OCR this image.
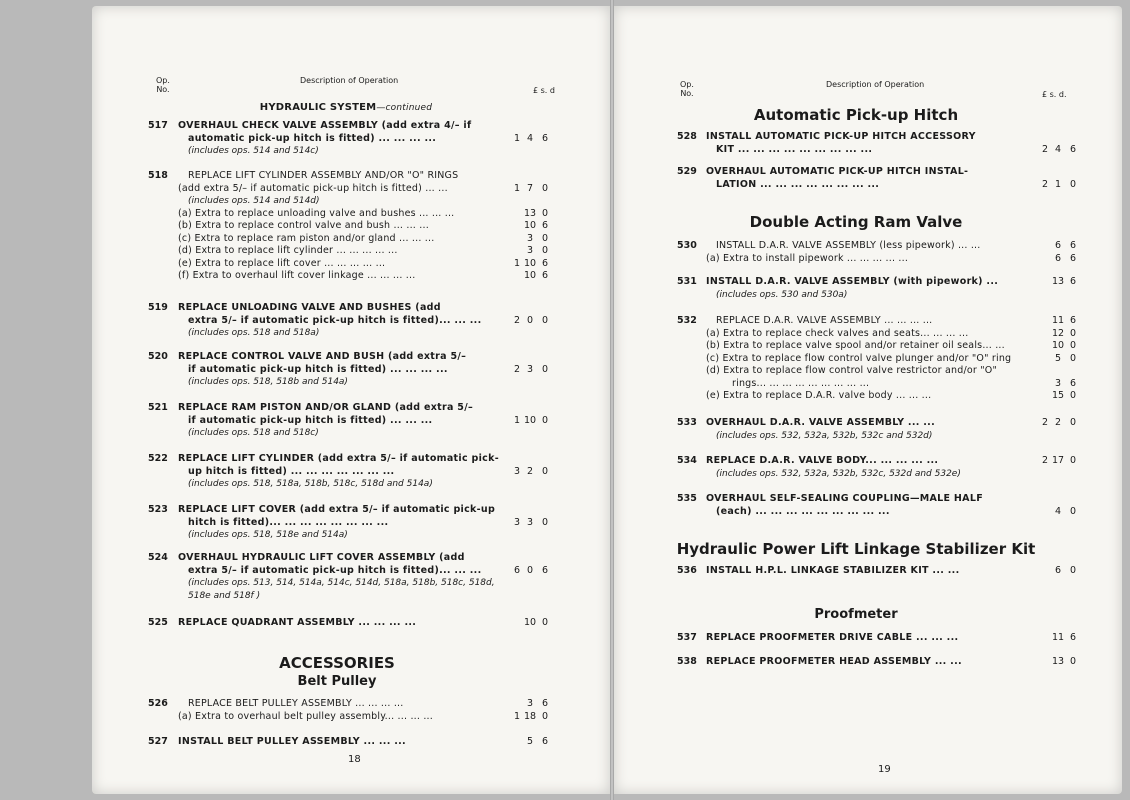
Op.
No.
Description of Operation
£ s. d
HYDRAULIC SYSTEM—continued
517 OVERHAUL CHECK VALVE ASSEMBLY (add extra 4/– if
automatic pick-up hitch is fitted) ... ... ... ...	1 4 6
(includes ops. 514 and 514c)
518 REPLACE LIFT CYLINDER ASSEMBLY AND/OR "O" RINGS
(add extra 5/– if automatic pick-up hitch is fitted) ... ...	1 7 0
(includes ops. 514 and 514d)
(a) Extra to replace unloading valve and bushes ... ... ...	13 0
(b) Extra to replace control valve and bush ... ... ...	10 6
(c) Extra to replace ram piston and/or gland ... ... ...	3 0
(d) Extra to replace lift cylinder ... ... ... ... ...	3 0
(e) Extra to replace lift cover ... ... ... ... ...	1 10 6
(f) Extra to overhaul lift cover linkage ... ... ... ...	10 6
519 REPLACE UNLOADING VALVE AND BUSHES (add
extra 5/– if automatic pick-up hitch is fitted)... ... ...	2 0 0
(includes ops. 518 and 518a)
520 REPLACE CONTROL VALVE AND BUSH (add extra 5/–
if automatic pick-up hitch is fitted) ... ... ... ...	2 3 0
(includes ops. 518, 518b and 514a)
521 REPLACE RAM PISTON AND/OR GLAND (add extra 5/–
if automatic pick-up hitch is fitted) ... ... ...	1 10 0
(includes ops. 518 and 518c)
522 REPLACE LIFT CYLINDER (add extra 5/– if automatic pick-
up hitch is fitted) ... ... ... ... ... ... ...	3 2 0
(includes ops. 518, 518a, 518b, 518c, 518d and 514a)
523 REPLACE LIFT COVER (add extra 5/– if automatic pick-up
hitch is fitted)... ... ... ... ... ... ... ...	3 3 0
(includes ops. 518, 518e and 514a)
524 OVERHAUL HYDRAULIC LIFT COVER ASSEMBLY (add
extra 5/– if automatic pick-up hitch is fitted)... ... ...	6 0 6
(includes ops. 513, 514, 514a, 514c, 514d, 518a, 518b, 518c, 518d,
518e and 518f )
525 REPLACE QUADRANT ASSEMBLY ... ... ... ...	10 0
ACCESSORIES
Belt Pulley
526 REPLACE BELT PULLEY ASSEMBLY ... ... ... ...	3 6
(a) Extra to overhaul belt pulley assembly... ... ... ...	1 18 0
527 INSTALL BELT PULLEY ASSEMBLY ... ... ...	5 6
18
Op.
No.
Description of Operation
£ s. d.
Automatic Pick-up Hitch
528 INSTALL AUTOMATIC PICK-UP HITCH ACCESSORY
KIT ... ... ... ... ... ... ... ... ...	2 4 6
529 OVERHAUL AUTOMATIC PICK-UP HITCH INSTAL-
LATION ... ... ... ... ... ... ... ...	2 1 0
Double Acting Ram Valve
530 INSTALL D.A.R. VALVE ASSEMBLY (less pipework) ... ...	6 6
(a) Extra to install pipework ... ... ... ... ...	6 6
531 INSTALL D.A.R. VALVE ASSEMBLY (with pipework) ...	13 6
(includes ops. 530 and 530a)
532 REPLACE D.A.R. VALVE ASSEMBLY ... ... ... ...	11 6
(a) Extra to replace check valves and seats... ... ... ...	12 0
(b) Extra to replace valve spool and/or retainer oil seals... ...	10 0
(c) Extra to replace flow control valve plunger and/or "O" ring	5 0
(d) Extra to replace flow control valve restrictor and/or "O"
rings... ... ... ... ... ... ... ... ...	3 6
(e) Extra to replace D.A.R. valve body ... ... ...	15 0
533 OVERHAUL D.A.R. VALVE ASSEMBLY ... ...	2 2 0
(includes ops. 532, 532a, 532b, 532c and 532d)
534 REPLACE D.A.R. VALVE BODY... ... ... ... ...	2 17 0
(includes ops. 532, 532a, 532b, 532c, 532d and 532e)
535 OVERHAUL SELF-SEALING COUPLING—MALE HALF
(each) ... ... ... ... ... ... ... ... ...	4 0
Hydraulic Power Lift Linkage Stabilizer Kit
536 INSTALL H.P.L. LINKAGE STABILIZER KIT ... ...	6 0
Proofmeter
537 REPLACE PROOFMETER DRIVE CABLE ... ... ...	11 6
538 REPLACE PROOFMETER HEAD ASSEMBLY ... ...	13 0
19
